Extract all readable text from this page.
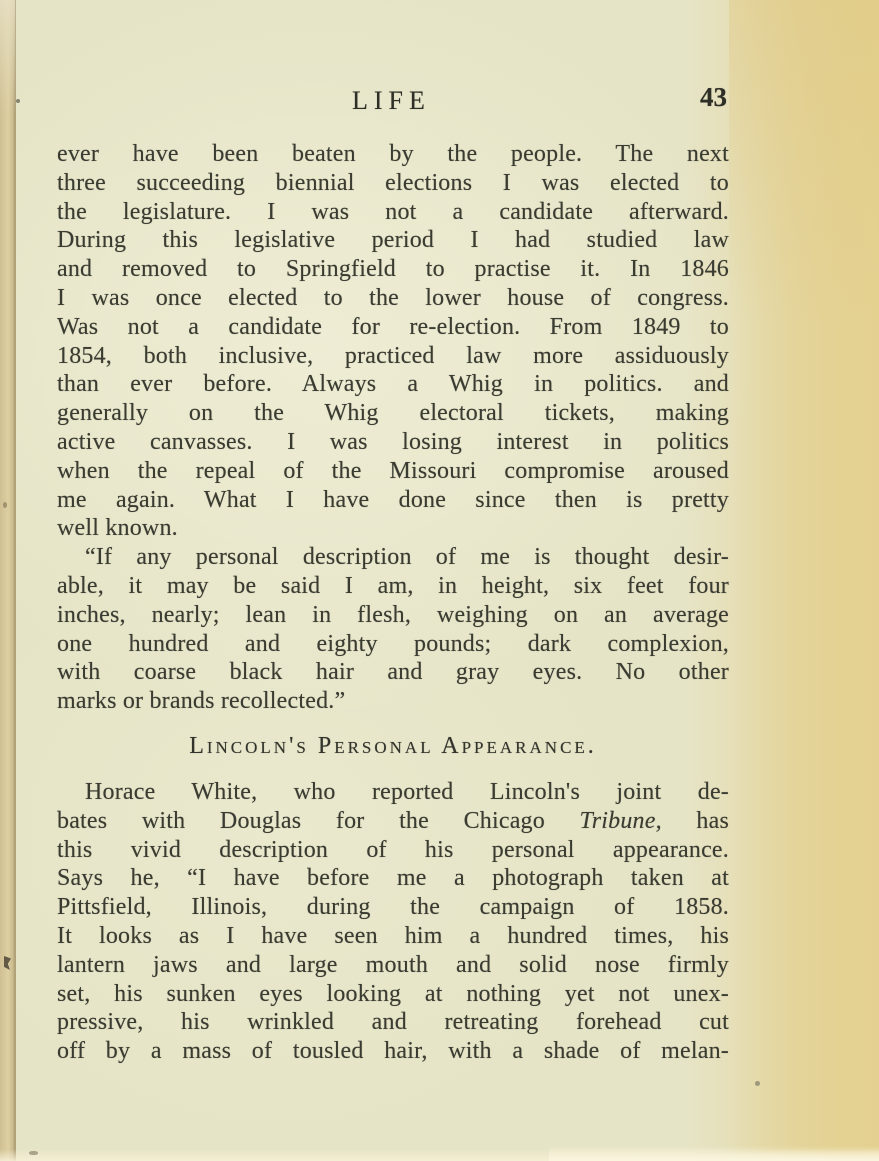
LIFE	43
ever have been beaten by the people. The next
three succeeding biennial elections I was elected to
the legislature. I was not a candidate afterward.
During this legislative period I had studied law
and removed to Springfield to practise it. In 1846
I was once elected to the lower house of congress.
Was not a candidate for re-election. From 1849 to
1854, both inclusive, practiced law more assiduously
than ever before. Always a Whig in politics. and
generally on the Whig electoral tickets, making
active canvasses. I was losing interest in politics
when the repeal of the Missouri compromise aroused
me again. What I have done since then is pretty
well known.
“If any personal description of me is thought desir-
able, it may be said I am, in height, six feet four
inches, nearly; lean in flesh, weighing on an average
one hundred and eighty pounds; dark complexion,
with coarse black hair and gray eyes. No other
marks or brands recollected.”
Lincoln's Personal Appearance.
Horace White, who reported Lincoln's joint de-
bates with Douglas for the Chicago Tribune, has
this vivid description of his personal appearance.
Says he, “I have before me a photograph taken at
Pittsfield, Illinois, during the campaign of 1858.
It looks as I have seen him a hundred times, his
lantern jaws and large mouth and solid nose firmly
set, his sunken eyes looking at nothing yet not unex-
pressive, his wrinkled and retreating forehead cut
off by a mass of tousled hair, with a shade of melan-
